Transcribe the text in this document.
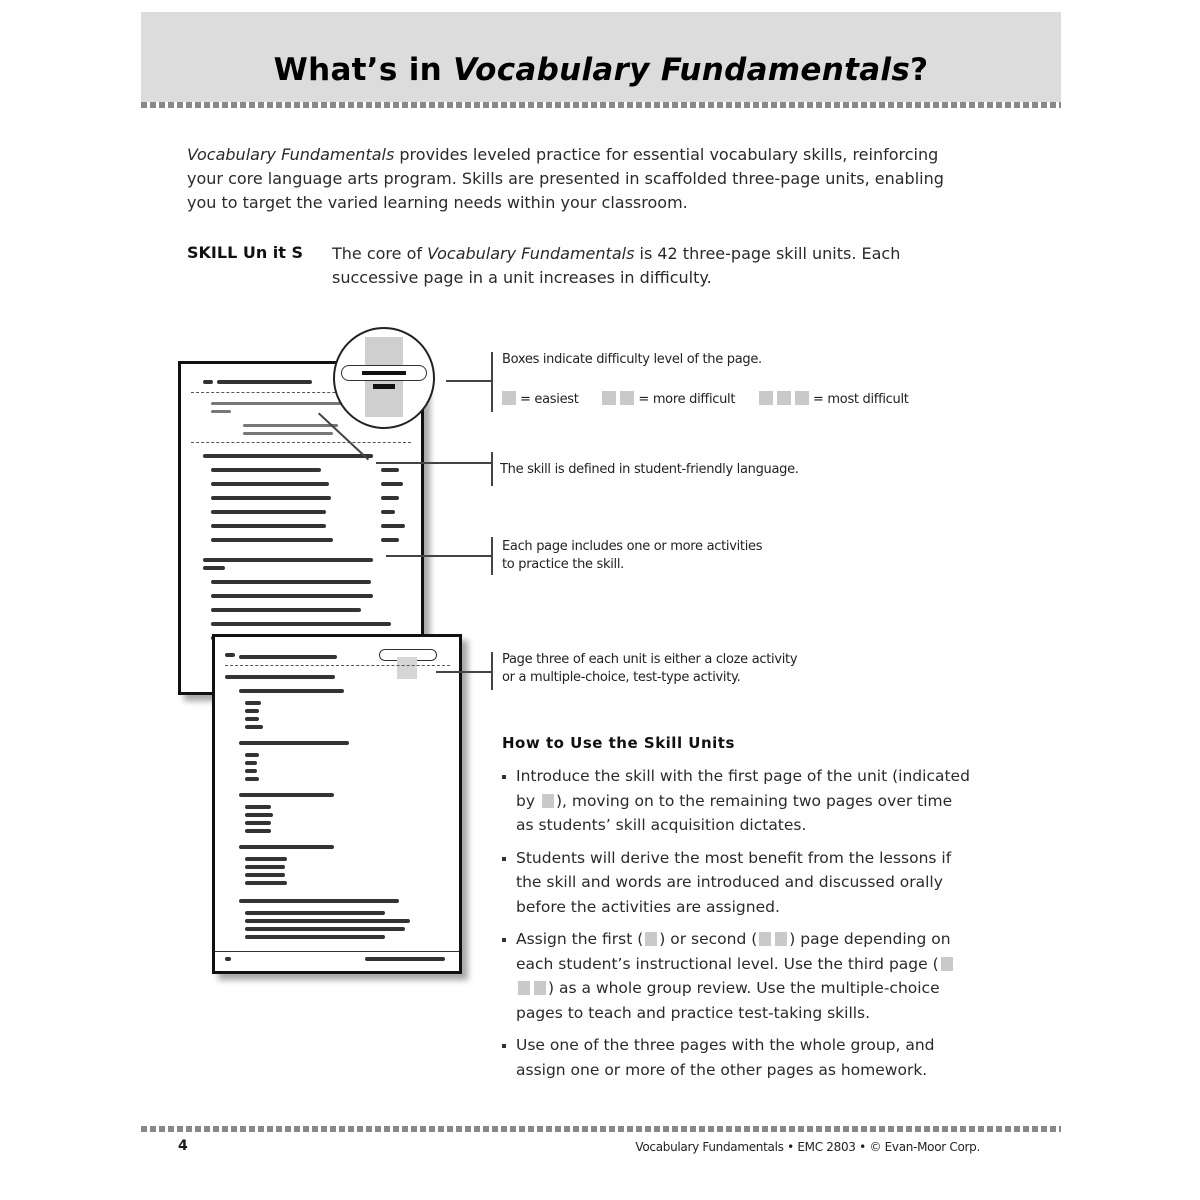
What’s in Vocabulary Fundamentals?
Vocabulary Fundamentals provides leveled practice for essential vocabulary skills, reinforcing your core language arts program. Skills are presented in scaffolded three-page units, enabling you to target the varied learning needs within your classroom.
SKILL Un it S The core of Vocabulary Fundamentals is 42 three-page skill units. Each successive page in a unit increases in difficulty.
Boxes indicate difficulty level of the page.
= easiest	= more difficult	= most difficult
The skill is defined in student-friendly language.
Each page includes one or more activities
to practice the skill.
Page three of each unit is either a cloze activity
or a multiple-choice, test-type activity.
How to Use the Skill Units
Introduce the skill with the first page of the unit (indicated by ), moving on to the remaining two pages over time as students’ skill acquisition dictates.
Students will derive the most benefit from the lessons if the skill and words are introduced and discussed orally before the activities are assigned.
Assign the first ( ) or second ( ) page depending on each student’s instructional level. Use the third page () as a whole group review. Use the multiple-choice pages to teach and practice test-taking skills.
Use one of the three pages with the whole group, and assign one or more of the other pages as homework.
4	Vocabulary Fundamentals • EMC 2803 • © Evan-Moor Corp.
